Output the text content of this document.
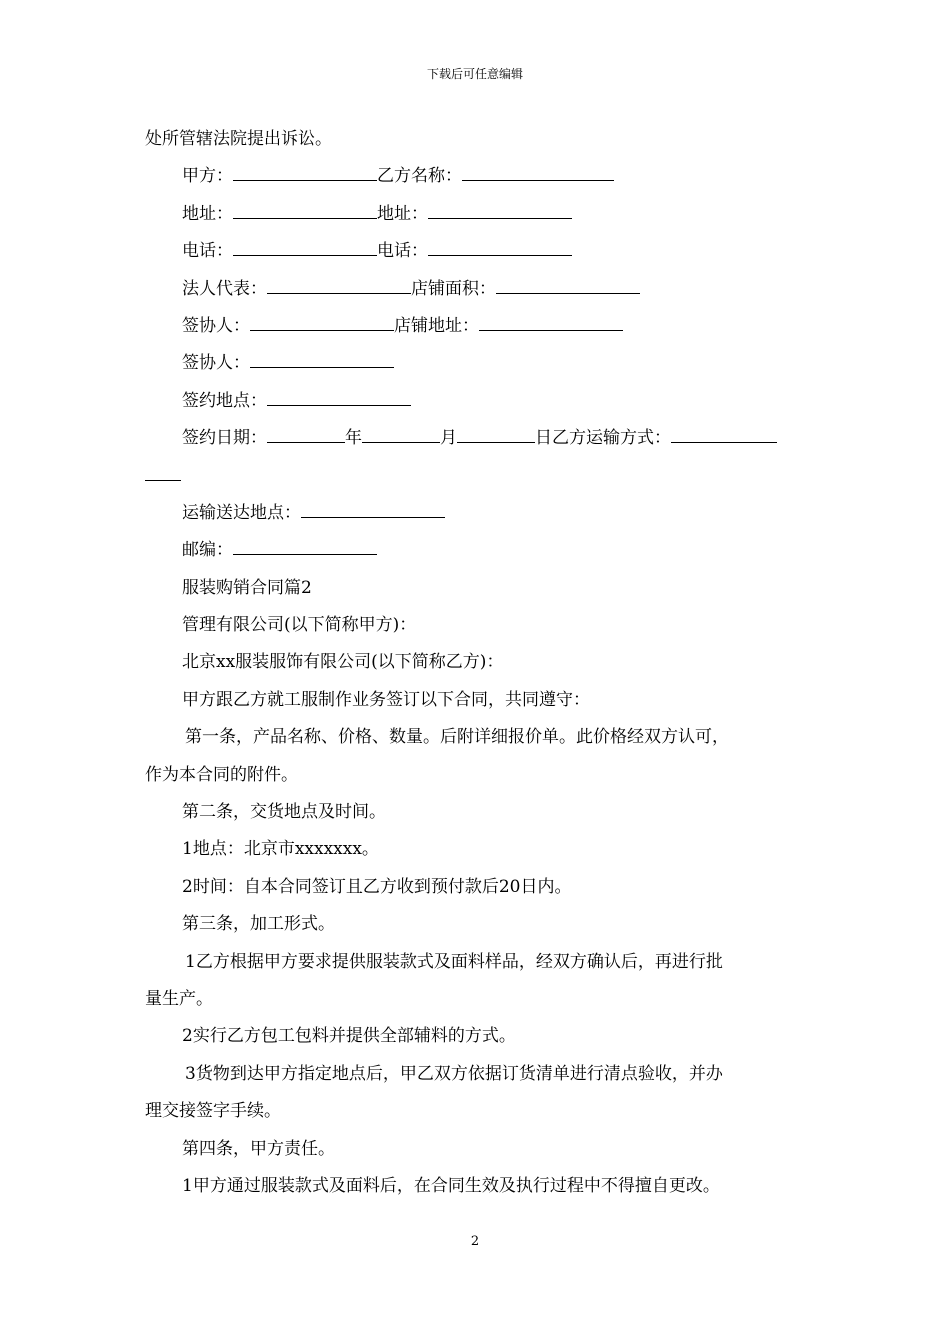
下载后可任意编辑
处所管辖法院提出诉讼。
甲方：	乙方名称：
地址：	地址：
电话：	电话：
法人代表：	店铺面积：
签协人：	店铺地址：
签协人：
签约地点：
签约日期：	年	月	日乙方运输方式：
运输送达地点：
邮编：
服装购销合同篇2
管理有限公司(以下简称甲方)：
北京xx服装服饰有限公司(以下简称乙方)：
甲方跟乙方就工服制作业务签订以下合同，共同遵守：
第一条，产品名称、价格、数量。后附详细报价单。此价格经双方认可，
作为本合同的附件。
第二条，交货地点及时间。
1地点：北京市xxxxxxx。
2时间：自本合同签订且乙方收到预付款后20日内。
第三条，加工形式。
1乙方根据甲方要求提供服装款式及面料样品，经双方确认后，再进行批
量生产。
2实行乙方包工包料并提供全部辅料的方式。
3货物到达甲方指定地点后，甲乙双方依据订货清单进行清点验收，并办
理交接签字手续。
第四条，甲方责任。
1甲方通过服装款式及面料后，在合同生效及执行过程中不得擅自更改。
2
